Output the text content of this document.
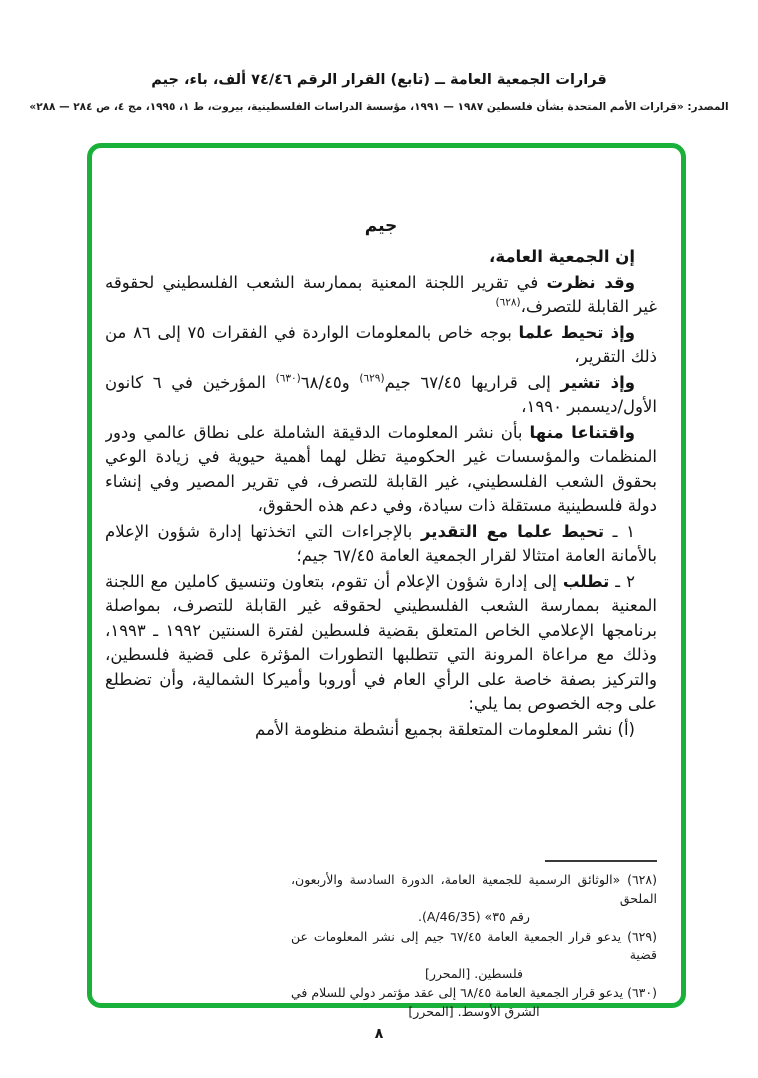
قرارات الجمعية العامة ــ (تابع) القرار الرقم ٧٤/٤٦ ألف، باء، جيم
المصدر: «قرارات الأمم المتحدة بشأن فلسطين ١٩٨٧ — ١٩٩١، مؤسسة الدراسات الفلسطينية، بيروت، ط ١، ١٩٩٥، مج ٤، ص ٢٨٤ — ٢٨٨»
جيم
إن الجمعية العامة،
وقد نظرت في تقرير اللجنة المعنية بممارسة الشعب الفلسطيني لحقوقه غير القابلة للتصرف،$^{(٦٢٨)}$
وإذ تحيط علما بوجه خاص بالمعلومات الواردة في الفقرات ٧٥ إلى ٨٦ من ذلك التقرير،
وإذ تشير إلى قراريها ٦٧/٤٥ جيم$^{(٦٢٩)}$ و٦٨/٤٥$^{(٦٣٠)}$ المؤرخين في ٦ كانون الأول/ديسمبر ١٩٩٠،
واقتناعا منها بأن نشر المعلومات الدقيقة الشاملة على نطاق عالمي ودور المنظمات والمؤسسات غير الحكومية تظل لهما أهمية حيوية في زيادة الوعي بحقوق الشعب الفلسطيني، غير القابلة للتصرف، في تقرير المصير وفي إنشاء دولة فلسطينية مستقلة ذات سيادة، وفي دعم هذه الحقوق،
١ ـ تحيط علما مع التقدير بالإجراءات التي اتخذتها إدارة شؤون الإعلام بالأمانة العامة امتثالا لقرار الجمعية العامة ٦٧/٤٥ جيم؛
٢ ـ تطلب إلى إدارة شؤون الإعلام أن تقوم، بتعاون وتنسيق كاملين مع اللجنة المعنية بممارسة الشعب الفلسطيني لحقوقه غير القابلة للتصرف، بمواصلة برنامجها الإعلامي الخاص المتعلق بقضية فلسطين لفترة السنتين ١٩٩٢ ـ ١٩٩٣، وذلك مع مراعاة المرونة التي تتطلبها التطورات المؤثرة على قضية فلسطين، والتركيز بصفة خاصة على الرأي العام في أوروبا وأميركا الشمالية، وأن تضطلع على وجه الخصوص بما يلي:
(أ) نشر المعلومات المتعلقة بجميع أنشطة منظومة الأمم
(٦٢٨) «الوثائق الرسمية للجمعية العامة، الدورة السادسة والأربعون، الملحق
رقم ٣٥» (A/46/35).
(٦٢٩) يدعو قرار الجمعية العامة ٦٧/٤٥ جيم إلى نشر المعلومات عن قضية
فلسطين. [المحرر]
(٦٣٠) يدعو قرار الجمعية العامة ٦٨/٤٥ إلى عقد مؤتمر دولي للسلام في
الشرق الأوسط. [المحرر]
٨
